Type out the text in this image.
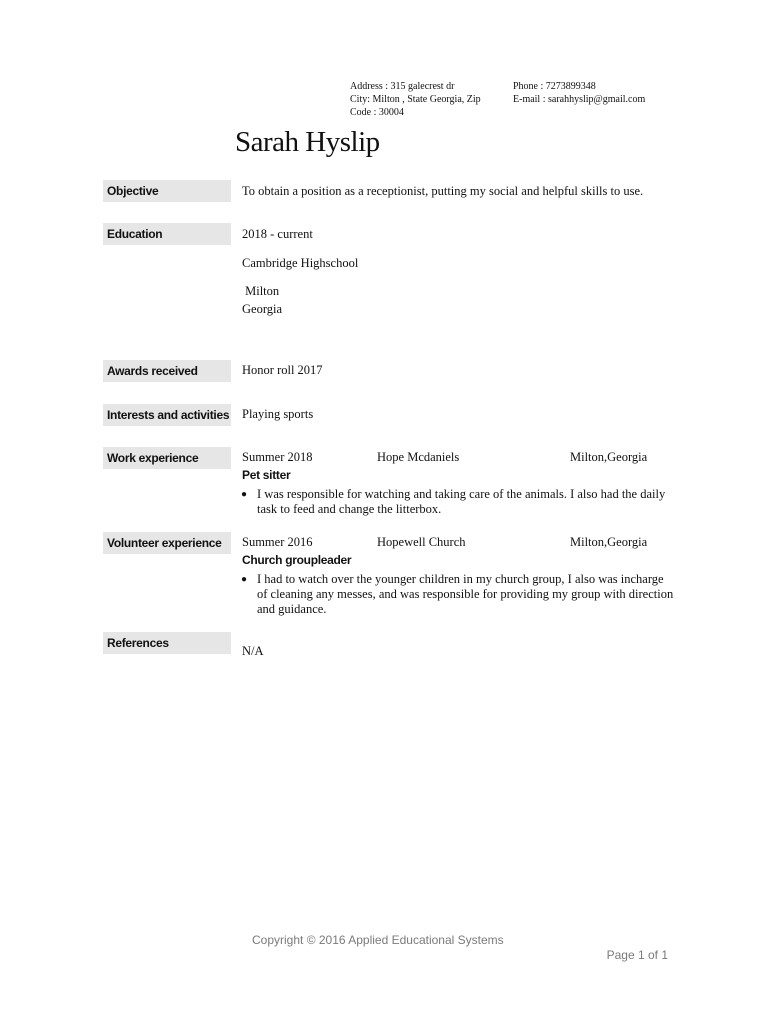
Address : 315 galecrest dr
City: Milton , State Georgia, Zip
Code : 30004
Phone : 7273899348
E-mail : sarahhyslip@gmail.com
Sarah Hyslip
Objective	To obtain a position as a receptionist, putting my social and helpful skills to use.
Education	2018 - current
Cambridge Highschool
Milton
Georgia
Awards received	Honor roll 2017
Interests and activities Playing sports
Work experience	Summer 2018	Hope Mcdaniels	Milton,Georgia
Pet sitter
● I was responsible for watching and taking care of the animals. I also had the daily task to feed and change the litterbox.
Volunteer experience	Summer 2016	Hopewell Church	Milton,Georgia
Church groupleader
● I had to watch over the younger children in my church group, I also was incharge of cleaning any messes, and was responsible for providing my group with direction and guidance.
References
N/A
Copyright © 2016 Applied Educational Systems
Page 1 of 1
